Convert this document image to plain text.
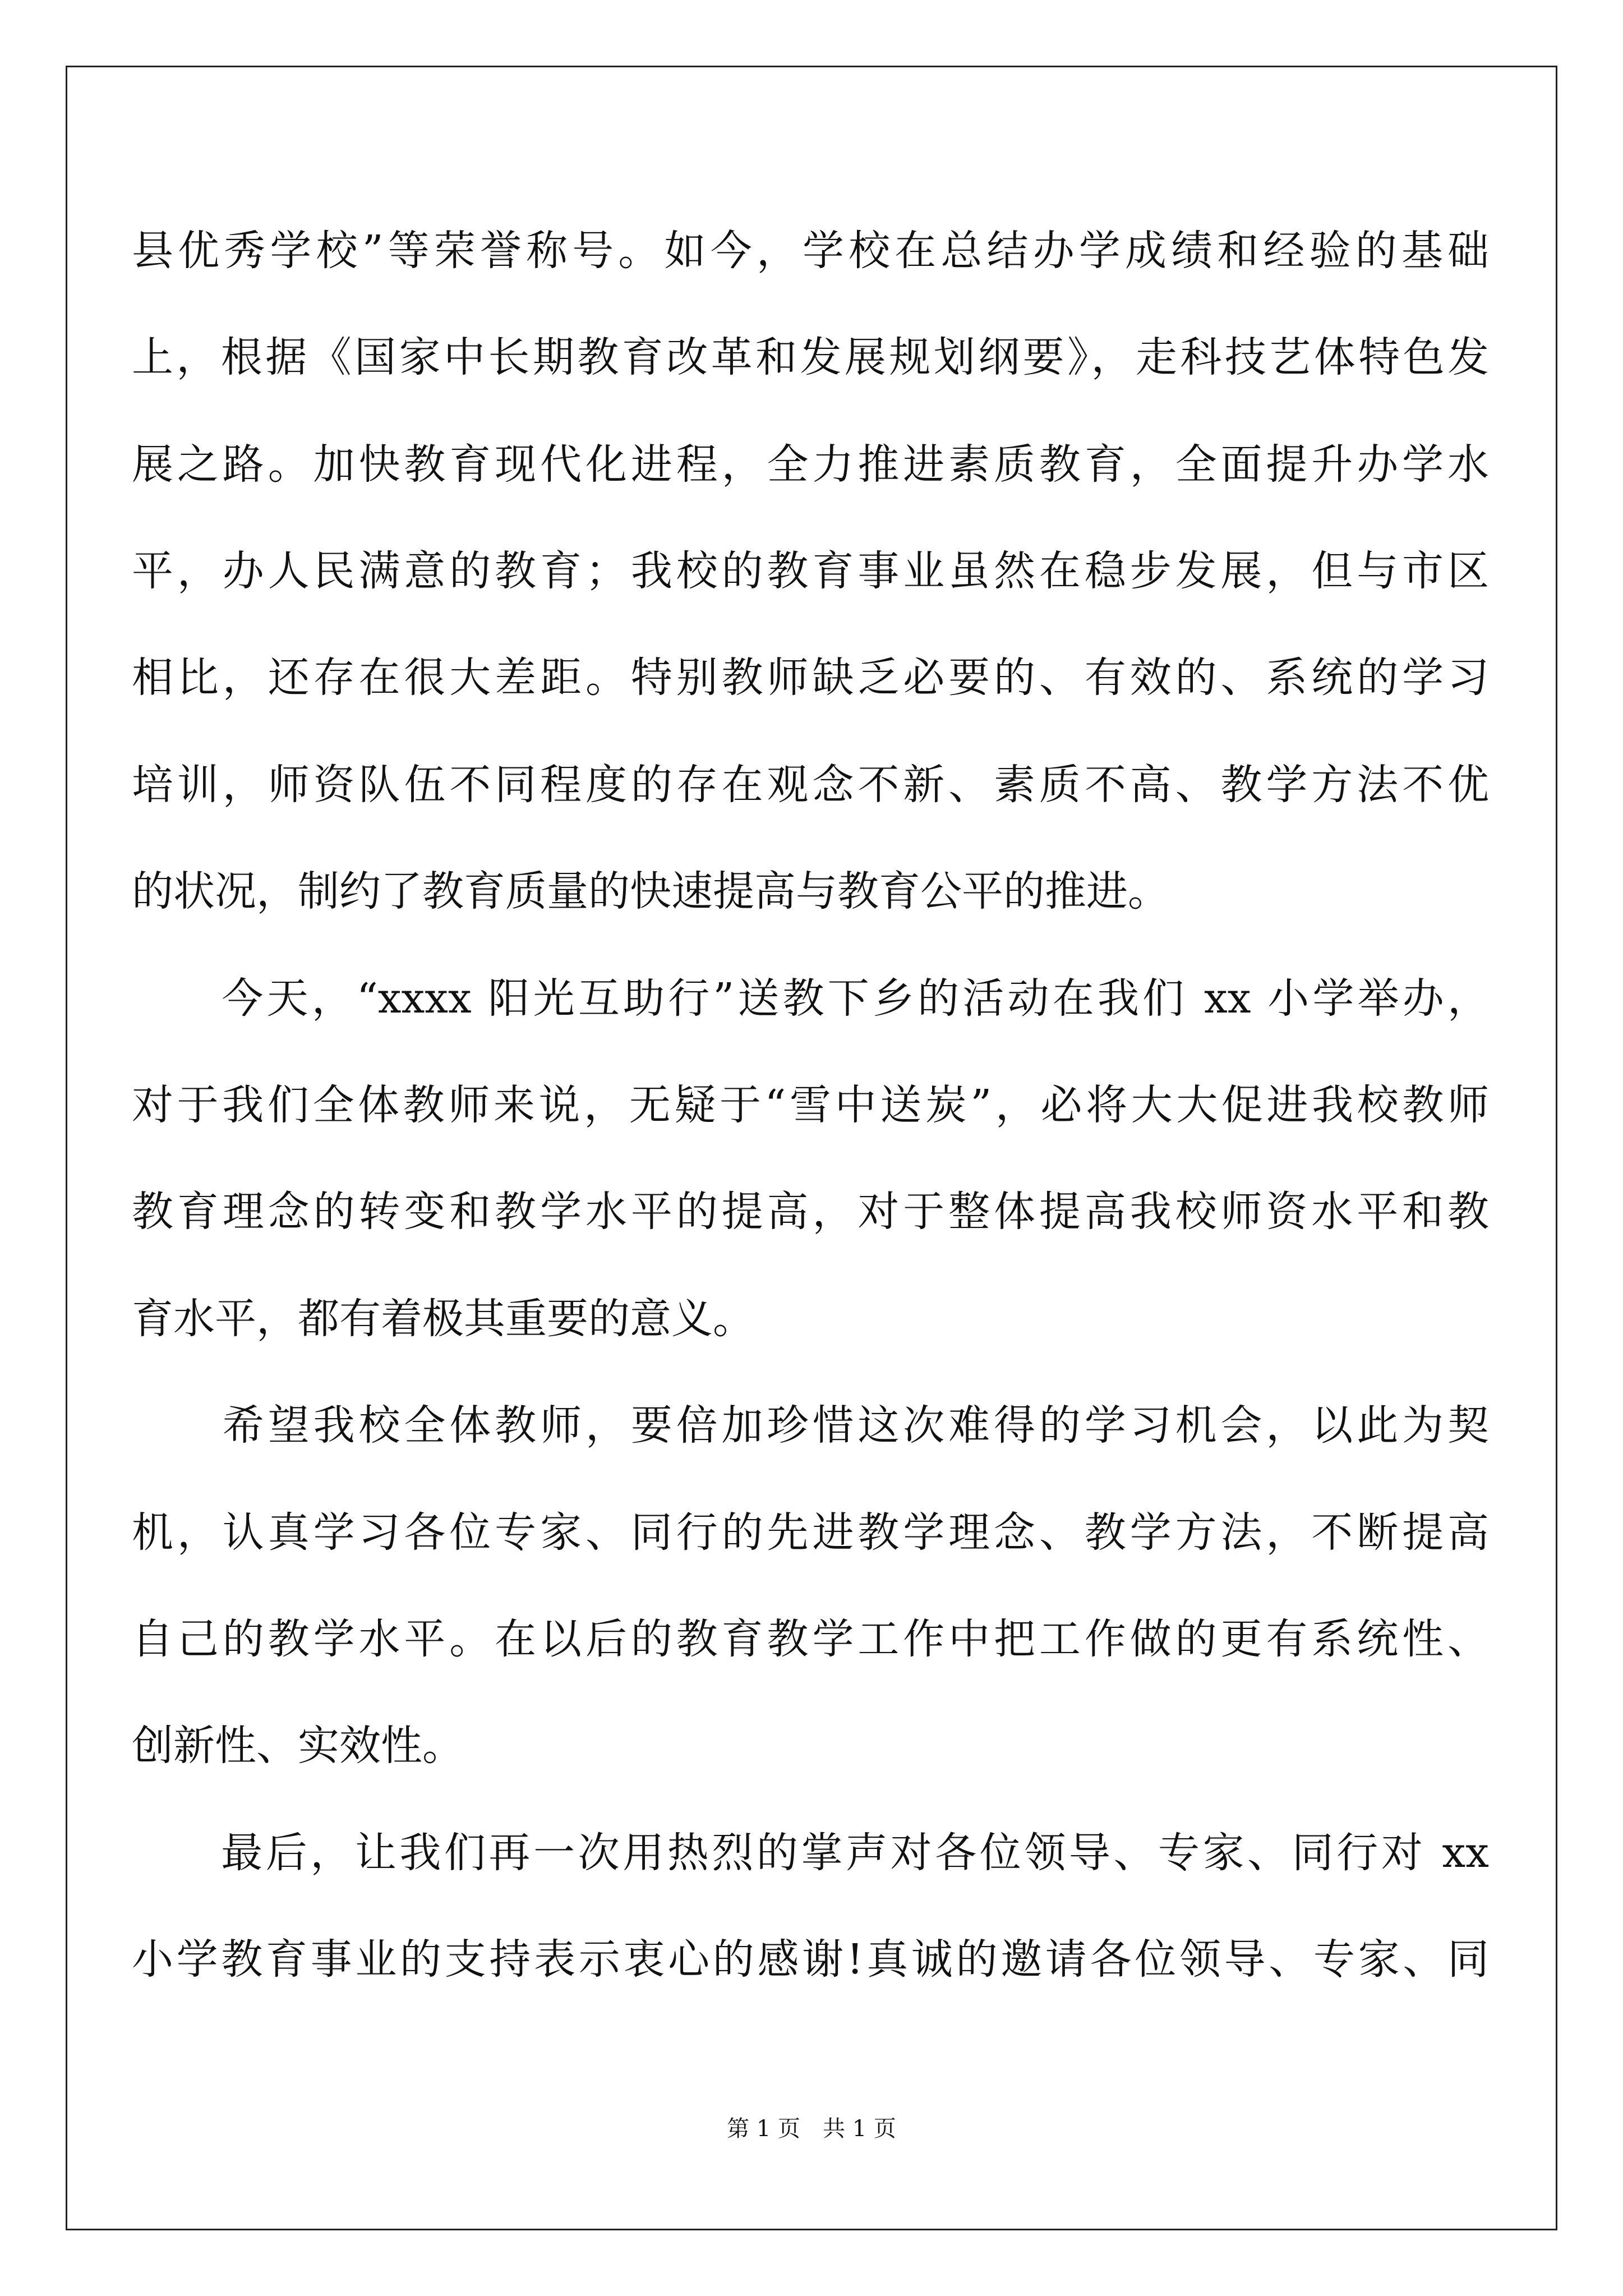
县优秀学校”等荣誉称号。如今，学校在总结办学成绩和经验的基础
上，根据《国家中长期教育改革和发展规划纲要》，走科技艺体特色发
展之路。加快教育现代化进程，全力推进素质教育，全面提升办学水
平，办人民满意的教育；我校的教育事业虽然在稳步发展，但与市区
相比，还存在很大差距。特别教师缺乏必要的、有效的、系统的学习
培训，师资队伍不同程度的存在观念不新、素质不高、教学方法不优
的状况，制约了教育质量的快速提高与教育公平的推进。
　　今天，“xxxx 阳光互助行”送教下乡的活动在我们 xx 小学举办，
对于我们全体教师来说，无疑于“雪中送炭”，必将大大促进我校教师
教育理念的转变和教学水平的提高，对于整体提高我校师资水平和教
育水平，都有着极其重要的意义。
　　希望我校全体教师，要倍加珍惜这次难得的学习机会，以此为契
机，认真学习各位专家、同行的先进教学理念、教学方法，不断提高
自己的教学水平。在以后的教育教学工作中把工作做的更有系统性、
创新性、实效性。
　　最后，让我们再一次用热烈的掌声对各位领导、专家、同行对 xx
小学教育事业的支持表示衷心的感谢!真诚的邀请各位领导、专家、同
第 1 页　共 1 页
